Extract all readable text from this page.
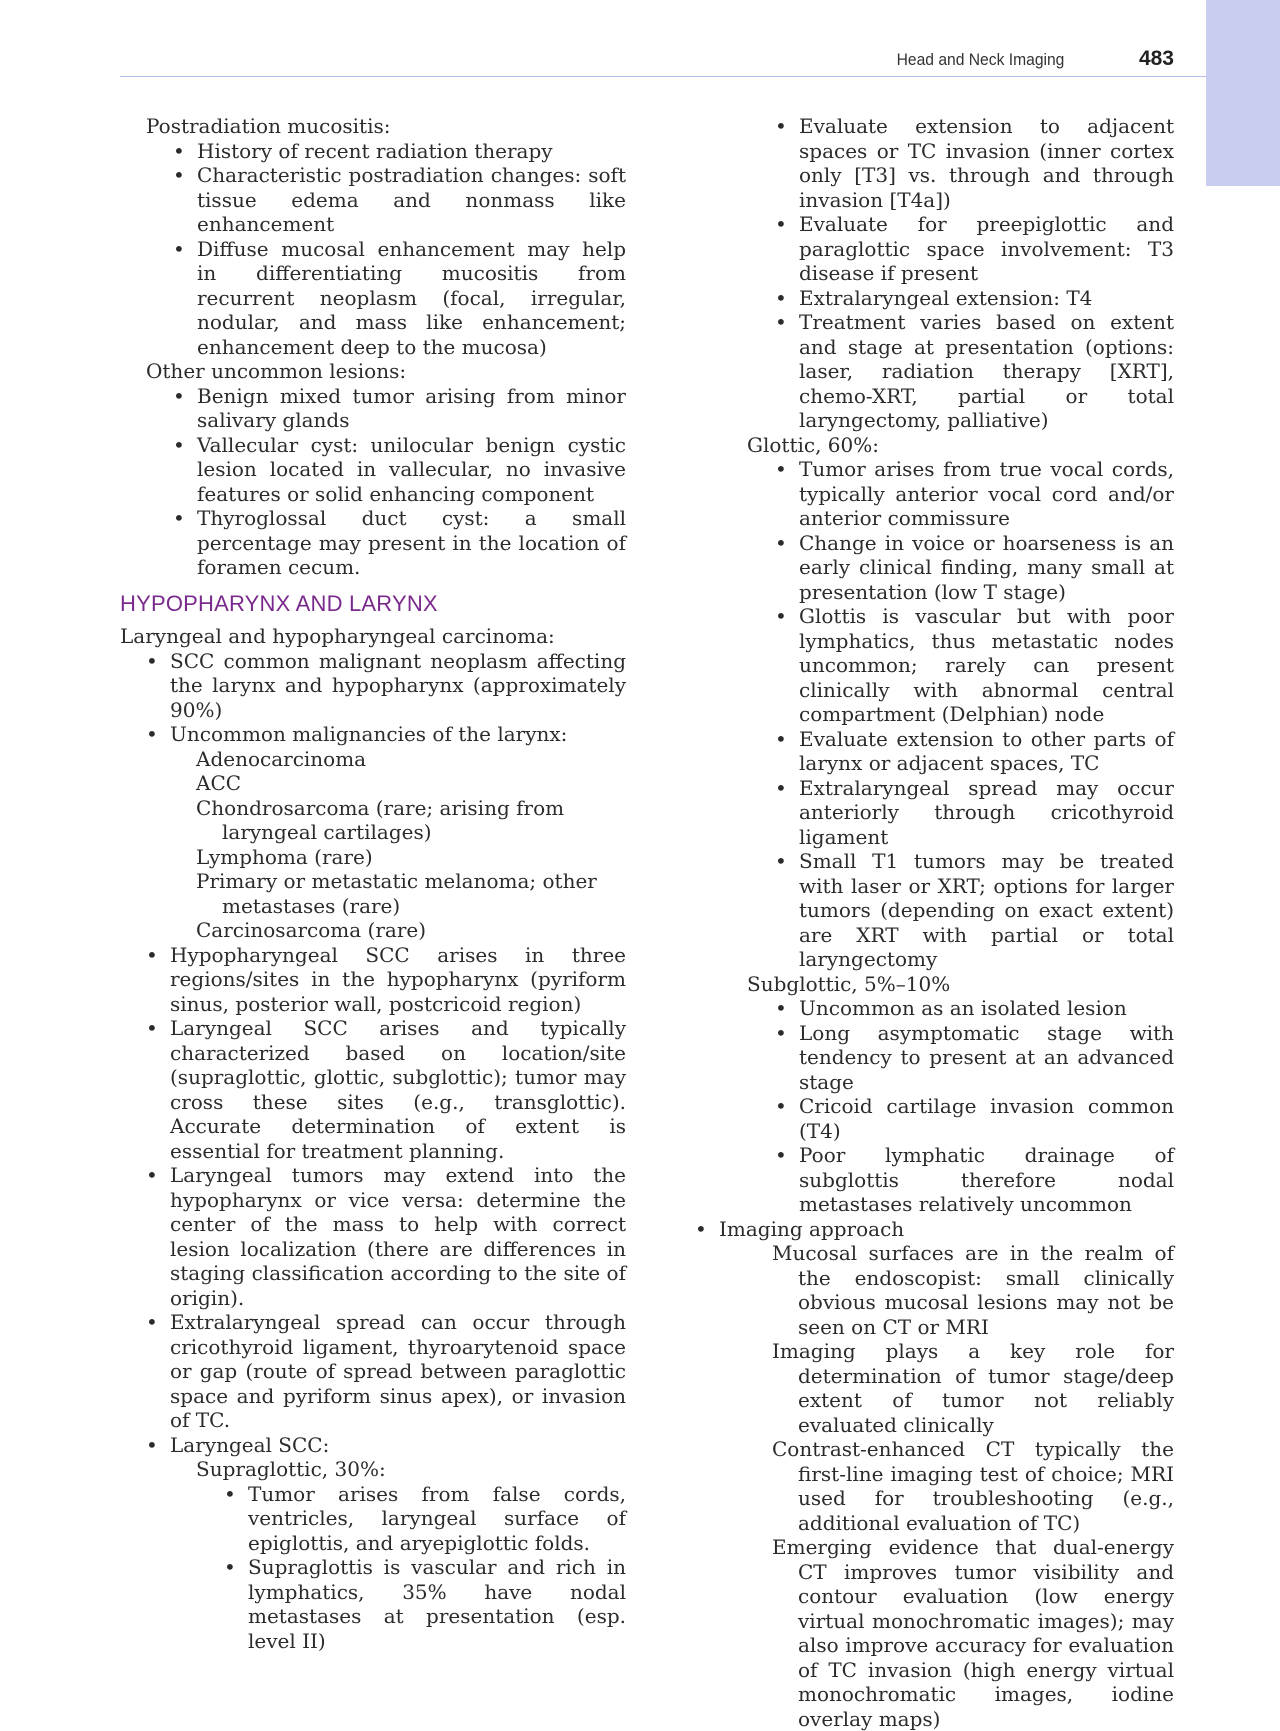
Head and Neck Imaging	483

Postradiation mucositis:

• History of recent radiation therapy
• Characteristic postradiation changes: soft tissue edema and nonmass like enhancement
• Diffuse mucosal enhancement may help in differentiating mucositis from recurrent neoplasm (focal, irregular, nodular, and mass like enhancement; enhancement deep to the mucosa)

Other uncommon lesions:

• Benign mixed tumor arising from minor salivary glands
• Vallecular cyst: unilocular benign cystic lesion located in vallecular, no invasive features or solid enhancing component
• Thyroglossal duct cyst: a small percentage may present in the location of foramen cecum.
HYPOPHARYNX AND LARYNX

Laryngeal and hypopharyngeal carcinoma:

• SCC common malignant neoplasm affecting the larynx and hypopharynx (approximately 90%)
• Uncommon malignancies of the larynx:
Adenocarcinoma
ACC
Chondrosarcoma (rare; arising from laryngeal cartilages)
Lymphoma (rare)
Primary or metastatic melanoma; other metastases (rare)
Carcinosarcoma (rare)
• Hypopharyngeal SCC arises in three regions/sites in the hypopharynx (pyriform sinus, posterior wall, postcricoid region)
• Laryngeal SCC arises and typically characterized based on location/site (supraglottic, glottic, subglottic); tumor may cross these sites (e.g., transglottic). Accurate determination of extent is essential for treatment planning.
• Laryngeal tumors may extend into the hypopharynx or vice versa: determine the center of the mass to help with correct lesion localization (there are differences in staging classification according to the site of origin).
• Extralaryngeal spread can occur through cricothyroid ligament, thyroarytenoid space or gap (route of spread between paraglottic space and pyriform sinus apex), or invasion of TC.
• Laryngeal SCC:
Supraglottic, 30%:
• Tumor arises from false cords, ventricles, laryngeal surface of epiglottis, and aryepiglottic folds.
• Supraglottis is vascular and rich in lymphatics, 35% have nodal metastases at presentation (esp. level II)
• Evaluate extension to adjacent spaces or TC invasion (inner cortex only [T3] vs. through and through invasion [T4a])
• Evaluate for preepiglottic and paraglottic space involvement: T3 disease if present
• Extralaryngeal extension: T4
• Treatment varies based on extent and stage at presentation (options: laser, radiation therapy [XRT], chemo-XRT, partial or total laryngectomy, palliative)

Glottic, 60%:

• Tumor arises from true vocal cords, typically anterior vocal cord and/or anterior commissure
• Change in voice or hoarseness is an early clinical finding, many small at presentation (low T stage)
• Glottis is vascular but with poor lymphatics, thus metastatic nodes uncommon; rarely can present clinically with abnormal central compartment (Delphian) node
• Evaluate extension to other parts of larynx or adjacent spaces, TC
• Extralaryngeal spread may occur anteriorly through cricothyroid ligament
• Small T1 tumors may be treated with laser or XRT; options for larger tumors (depending on exact extent) are XRT with partial or total laryngectomy

Subglottic, 5%–10%

• Uncommon as an isolated lesion
• Long asymptomatic stage with tendency to present at an advanced stage
• Cricoid cartilage invasion common (T4)
• Poor lymphatic drainage of subglottis therefore nodal metastases relatively uncommon
• Imaging approach
Mucosal surfaces are in the realm of the endoscopist: small clinically obvious mucosal lesions may not be seen on CT or MRI
Imaging plays a key role for determination of tumor stage/deep extent of tumor not reliably evaluated clinically
Contrast-enhanced CT typically the first-line imaging test of choice; MRI used for troubleshooting (e.g., additional evaluation of TC)
Emerging evidence that dual-energy CT improves tumor visibility and contour evaluation (low energy virtual monochromatic images); may also improve accuracy for evaluation of TC invasion (high energy virtual monochromatic images, iodine overlay maps)
